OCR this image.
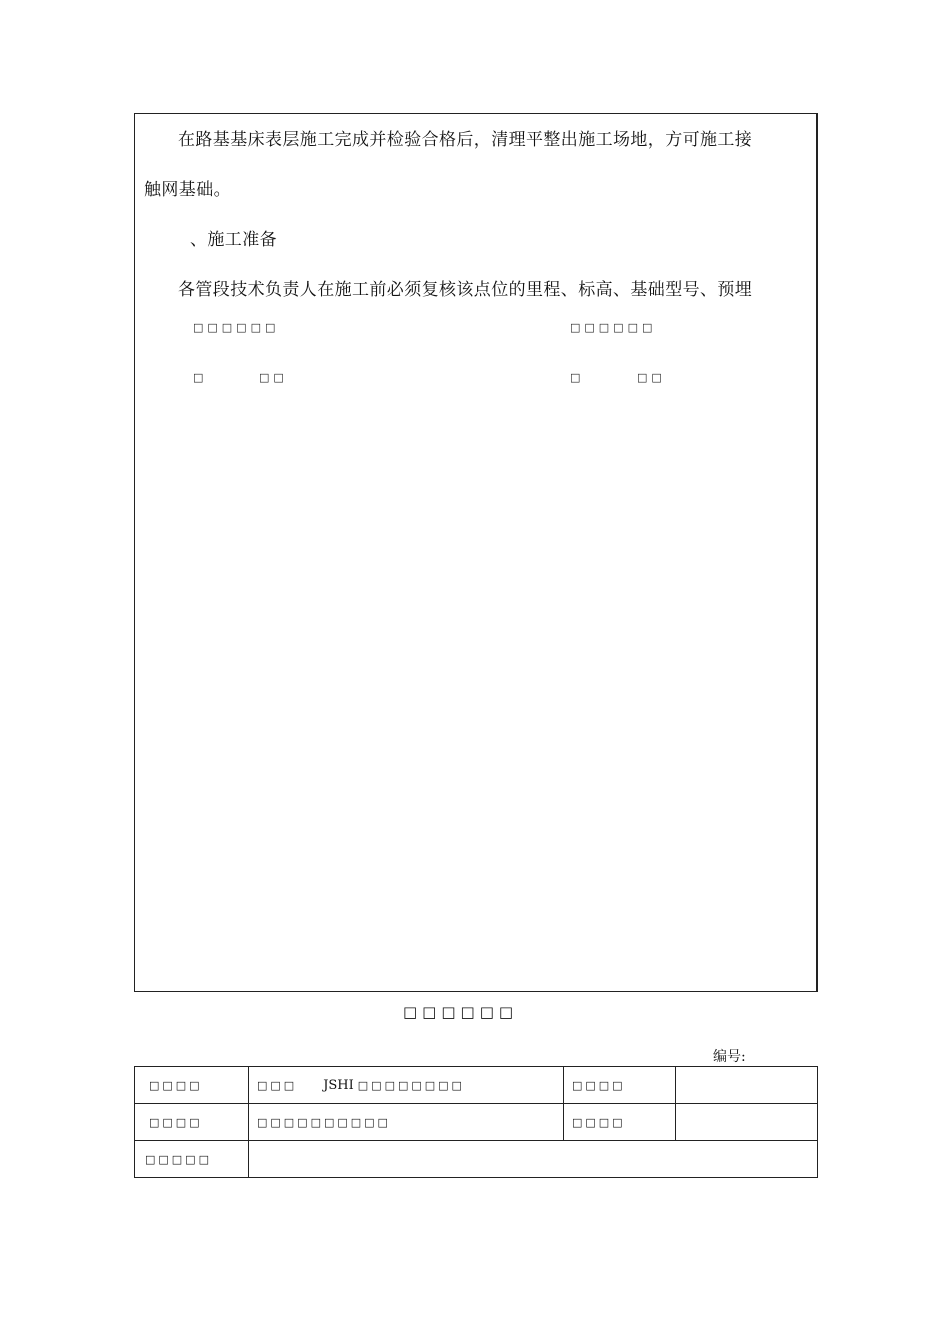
在路基基床表层施工完成并检验合格后，清理平整出施工场地，方可施工接
触网基础。
、施工准备
各管段技术负责人在施工前必须复核该点位的里程、标高、基础型号、预埋
□□□□□□
□	□□
□□□□□□
□	□□
□□□□□□
编号:
□□□□	□□□ JSHI □□□□□□□□	□□□□	
□□□□	□□□□□□□□□□	□□□□	
□□□□□			
